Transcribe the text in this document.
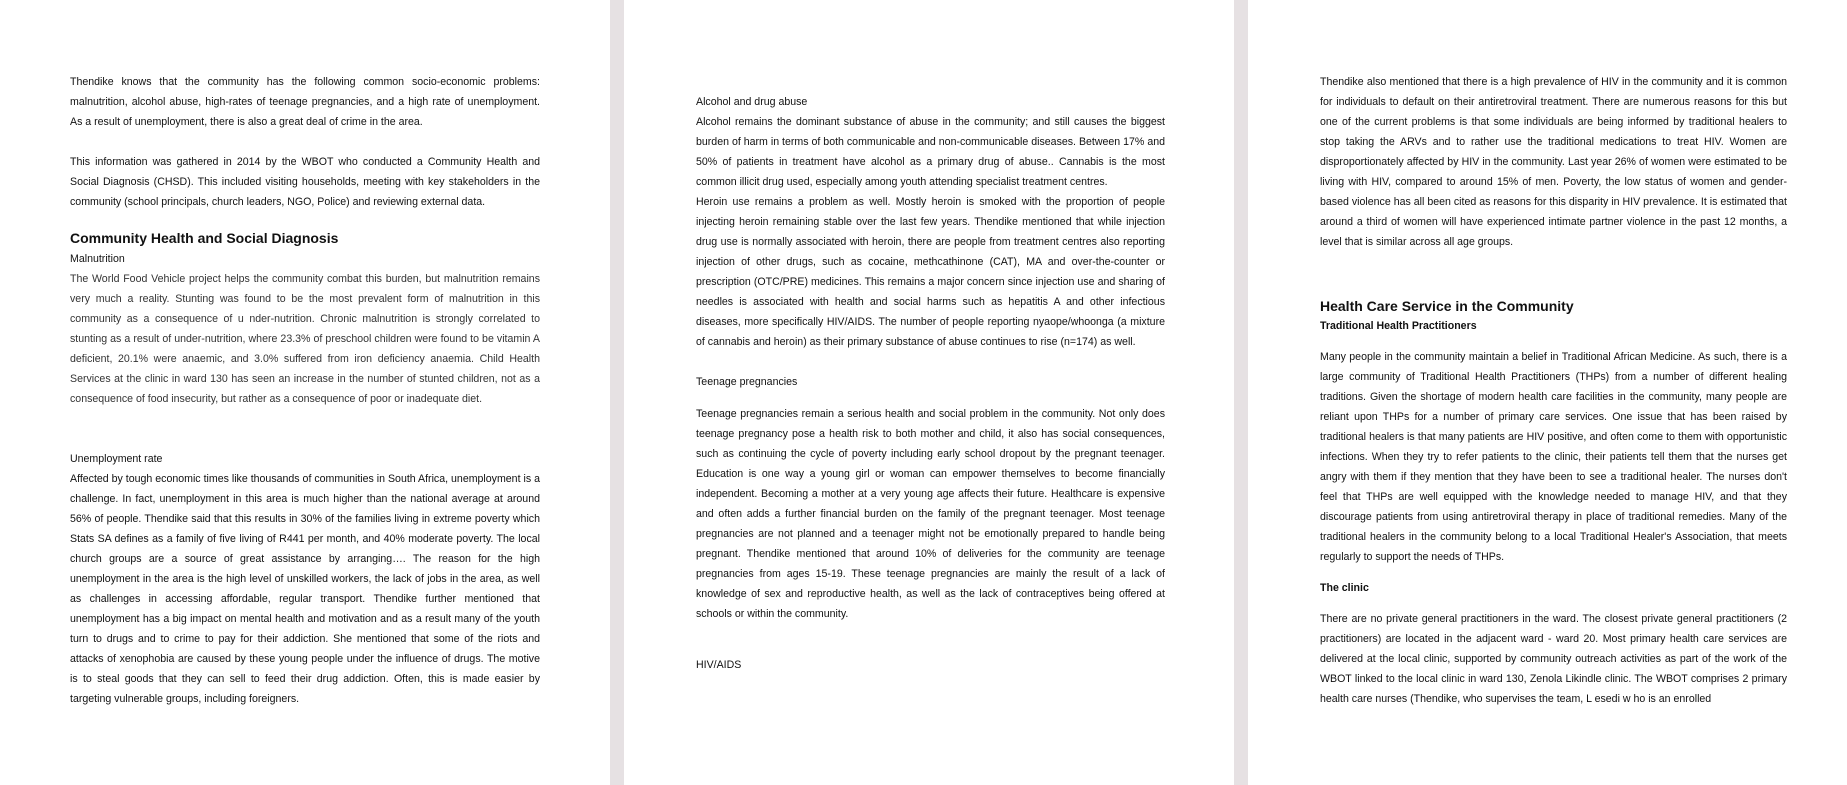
Thendike knows that the community has the following common socio-economic problems: malnutrition, alcohol abuse, high-rates of teenage pregnancies, and a high rate of unemployment. As a result of unemployment, there is also a great deal of crime in the area.

This information was gathered in 2014 by the WBOT who conducted a Community Health and Social Diagnosis (CHSD). This included visiting households, meeting with key stakeholders in the community (school principals, church leaders, NGO, Police) and reviewing external data.

Community Health and Social Diagnosis
Malnutrition

The World Food Vehicle project helps the community combat this burden, but malnutrition remains very much a reality. Stunting was found to be the most prevalent form of malnutrition in this community as a consequence of u nder-nutrition. Chronic malnutrition is strongly correlated to stunting as a result of under-nutrition, where 23.3% of preschool children were found to be vitamin A deficient, 20.1% were anaemic, and 3.0% suffered from iron deficiency anaemia. Child Health Services at the clinic in ward 130 has seen an increase in the number of stunted children, not as a consequence of food insecurity, but rather as a consequence of poor or inadequate diet.

Unemployment rate

Affected by tough economic times like thousands of communities in South Africa, unemployment is a challenge. In fact, unemployment in this area is much higher than the national average at around 56% of people. Thendike said that this results in 30% of the families living in extreme poverty which Stats SA defines as a family of five living of R441 per month, and 40% moderate poverty. The local church groups are a source of great assistance by arranging…. The reason for the high unemployment in the area is the high level of unskilled workers, the lack of jobs in the area, as well as challenges in accessing affordable, regular transport. Thendike further mentioned that unemployment has a big impact on mental health and motivation and as a result many of the youth turn to drugs and to crime to pay for their addiction. She mentioned that some of the riots and attacks of xenophobia are caused by these young people under the influence of drugs. The motive is to steal goods that they can sell to feed their drug addiction. Often, this is made easier by targeting vulnerable groups, including foreigners.

Alcohol and drug abuse

Alcohol remains the dominant substance of abuse in the community; and still causes the biggest burden of harm in terms of both communicable and non-communicable diseases. Between 17% and 50% of patients in treatment have alcohol as a primary drug of abuse.. Cannabis is the most common illicit drug used, especially among youth attending specialist treatment centres.

Heroin use remains a problem as well. Mostly heroin is smoked with the proportion of people injecting heroin remaining stable over the last few years. Thendike mentioned that while injection drug use is normally associated with heroin, there are people from treatment centres also reporting injection of other drugs, such as cocaine, methcathinone (CAT), MA and over-the-counter or prescription (OTC/PRE) medicines. This remains a major concern since injection use and sharing of needles is associated with health and social harms such as hepatitis A and other infectious diseases, more specifically HIV/AIDS. The number of people reporting nyaope/whoonga (a mixture of cannabis and heroin) as their primary substance of abuse continues to rise (n=174) as well.

Teenage pregnancies

Teenage pregnancies remain a serious health and social problem in the community. Not only does teenage pregnancy pose a health risk to both mother and child, it also has social consequences, such as continuing the cycle of poverty including early school dropout by the pregnant teenager. Education is one way a young girl or woman can empower themselves to become financially independent. Becoming a mother at a very young age affects their future. Healthcare is expensive and often adds a further financial burden on the family of the pregnant teenager. Most teenage pregnancies are not planned and a teenager might not be emotionally prepared to handle being pregnant. Thendike mentioned that around 10% of deliveries for the community are teenage pregnancies from ages 15-19. These teenage pregnancies are mainly the result of a lack of knowledge of sex and reproductive health, as well as the lack of contraceptives being offered at schools or within the community.

HIV/AIDS

Thendike also mentioned that there is a high prevalence of HIV in the community and it is common for individuals to default on their antiretroviral treatment. There are numerous reasons for this but one of the current problems is that some individuals are being informed by traditional healers to stop taking the ARVs and to rather use the traditional medications to treat HIV. Women are disproportionately affected by HIV in the community. Last year 26% of women were estimated to be living with HIV, compared to around 15% of men. Poverty, the low status of women and gender-based violence has all been cited as reasons for this disparity in HIV prevalence. It is estimated that around a third of women will have experienced intimate partner violence in the past 12 months, a level that is similar across all age groups.

Health Care Service in the Community
Traditional Health Practitioners

Many people in the community maintain a belief in Traditional African Medicine. As such, there is a large community of Traditional Health Practitioners (THPs) from a number of different healing traditions. Given the shortage of modern health care facilities in the community, many people are reliant upon THPs for a number of primary care services. One issue that has been raised by traditional healers is that many patients are HIV positive, and often come to them with opportunistic infections. When they try to refer patients to the clinic, their patients tell them that the nurses get angry with them if they mention that they have been to see a traditional healer. The nurses don't feel that THPs are well equipped with the knowledge needed to manage HIV, and that they discourage patients from using antiretroviral therapy in place of traditional remedies. Many of the traditional healers in the community belong to a local Traditional Healer's Association, that meets regularly to support the needs of THPs.

The clinic

There are no private general practitioners in the ward. The closest private general practitioners (2 practitioners) are located in the adjacent ward - ward 20. Most primary health care services are delivered at the local clinic, supported by community outreach activities as part of the work of the WBOT linked to the local clinic in ward 130, Zenola Likindle clinic. The WBOT comprises 2 primary health care nurses (Thendike, who supervises the team, L esedi w ho is an enrolled
